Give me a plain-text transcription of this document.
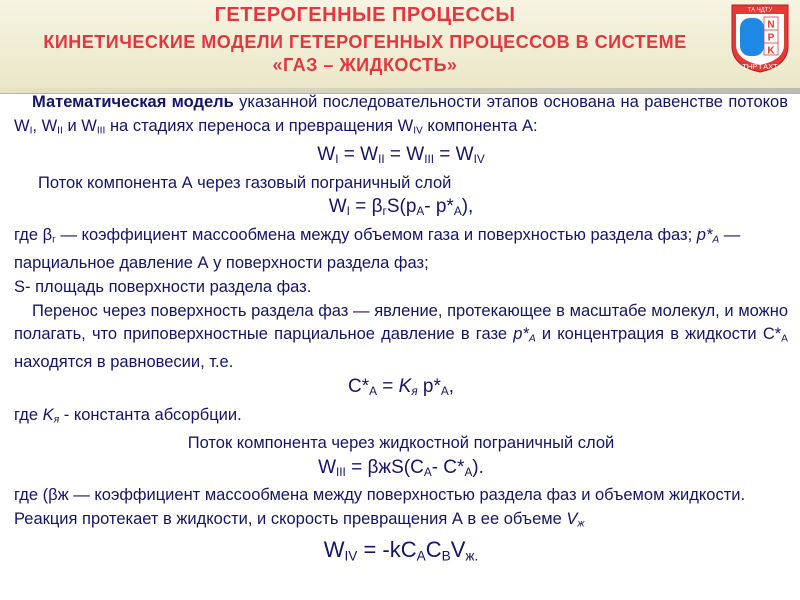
ГЕТЕРОГЕННЫЕ ПРОЦЕССЫ
КИНЕТИЧЕСКИЕ МОДЕЛИ ГЕТЕРОГЕННЫХ ПРОЦЕССОВ В СИСТЕМЕ
«ГАЗ – ЖИДКОСТЬ»
ТА ЧДТУ
N
P
K
ТНР і АХТ

Математическая модель указанной последовательности этапов основана на равенстве потоков $W_I$, $W_{II}$ и $W_{III}$ на стадиях переноса и превращения $W_{IV}$ компонента А:

$W_I = W_{II} = W_{III} = W_{IV}$

Поток компонента А через газовый пограничный слой

$W_I = \beta_гS(p_A-$ $p*_A$),

где $\beta_г$ — коэффициент массообмена между объемом газа и поверхностью раздела фаз; $p*_A$ — парциальное давление А у поверхности раздела фаз;

S- площадь поверхности раздела фаз.

Перенос через поверхность раздела фаз — явление, протекающее в масштабе молекул, и можно полагать, что приповерхностные парциальное давление в газе $p*_A$ и концентрация в жидкости $С*_A$ находятся в равновесии, т.е.

$C*_A = K_я$ $p*_A$,

где $K_я$ - константа абсорбции.

Поток компонента через жидкостной пограничный слой

$W_{III} = \beta жS(C_A-$ $C*_A$).

где (βж — коэффициент массообмена между поверхностью раздела фаз и объемом жидкости.

Реакция протекает в жидкости, и скорость превращения А в ее объеме $V_ж$

$W_{IV} = -kC_AC_BV_{ж.}$
